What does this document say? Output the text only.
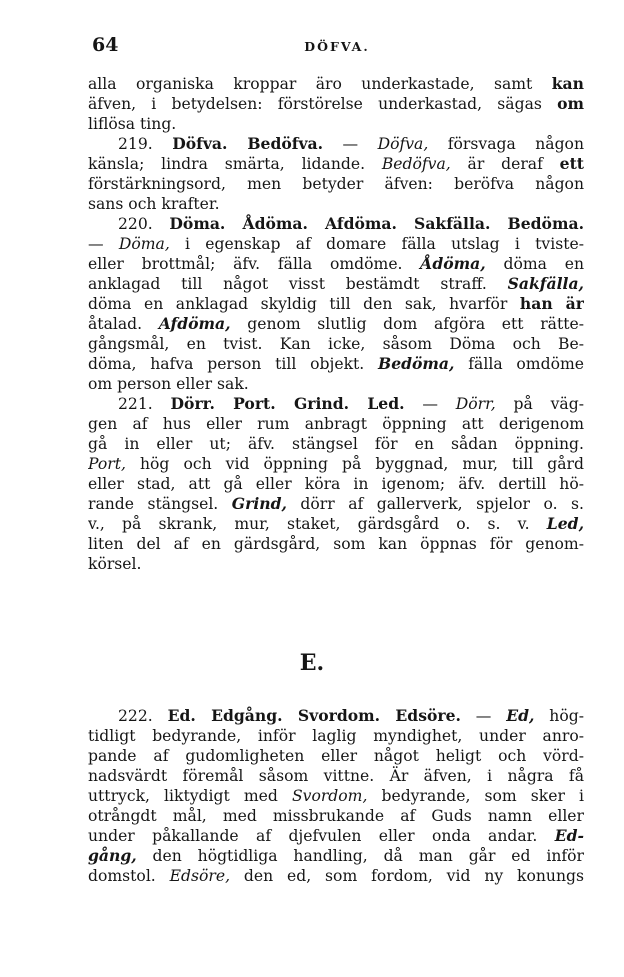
64	DÖFVA.
alla organiska kroppar äro underkastade, samt kan
äfven, i betydelsen: förstörelse underkastad, sägas om
liflösa ting.
219. Döfva. Bedöfva. — Döfva, försvaga någon
känsla; lindra smärta, lidande. Bedöfva, är deraf ett
förstärkningsord, men betyder äfven: beröfva någon
sans och krafter.
220. Döma. Ådöma. Afdöma. Sakfälla. Bedöma.
— Döma, i egenskap af domare fälla utslag i tviste-
eller brottmål; äfv. fälla omdöme. Ådöma, döma en
anklagad till något visst bestämdt straff. Sakfälla,
döma en anklagad skyldig till den sak, hvarför han är
åtalad. Afdöma, genom slutlig dom afgöra ett rätte-
gångsmål, en tvist. Kan icke, såsom Döma och Be-
döma, hafva person till objekt. Bedöma, fälla omdöme
om person eller sak.
221. Dörr. Port. Grind. Led. — Dörr, på väg-
gen af hus eller rum anbragt öppning att derigenom
gå in eller ut; äfv. stängsel för en sådan öppning.
Port, hög och vid öppning på byggnad, mur, till gård
eller stad, att gå eller köra in igenom; äfv. dertill hö-
rande stängsel. Grind, dörr af gallerverk, spjelor o. s.
v., på skrank, mur, staket, gärdsgård o. s. v. Led,
liten del af en gärdsgård, som kan öppnas för genom-
körsel.
E.
222. Ed. Edgång. Svordom. Edsöre. — Ed, hög-
tidligt bedyrande, inför laglig myndighet, under anro-
pande af gudomligheten eller något heligt och vörd-
nadsvärdt föremål såsom vittne. Är äfven, i några få
uttryck, liktydigt med Svordom, bedyrande, som sker i
otrångdt mål, med missbrukande af Guds namn eller
under påkallande af djefvulen eller onda andar. Ed-
gång, den högtidliga handling, då man går ed inför
domstol. Edsöre, den ed, som fordom, vid ny konungs
